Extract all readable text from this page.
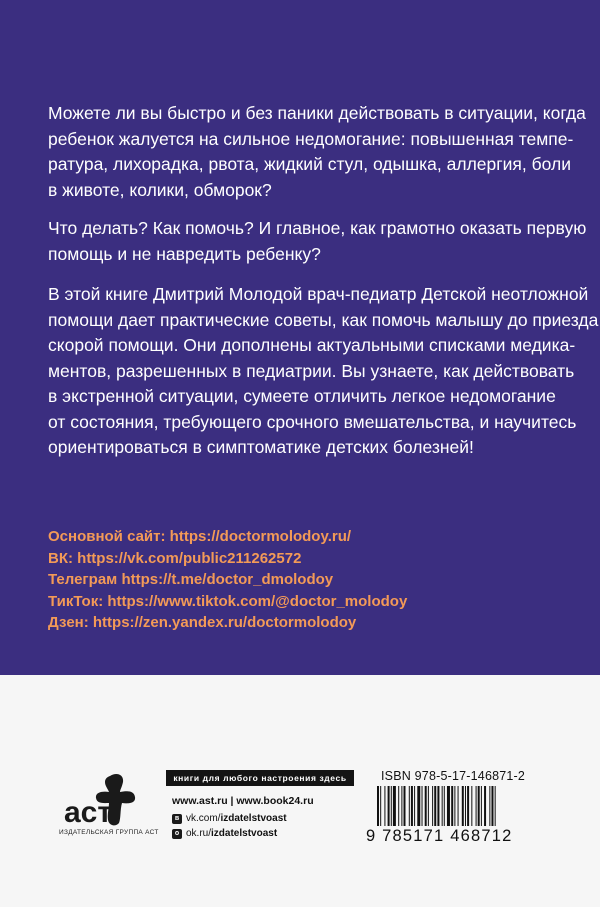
Можете ли вы быстро и без паники действовать в ситуации, когда
ребенок жалуется на сильное недомогание: повышенная темпе-
ратура, лихорадка, рвота, жидкий стул, одышка, аллергия, боли
в животе, колики, обморок?

Что делать? Как помочь? И главное, как грамотно оказать первую
помощь и не навредить ребенку?

В этой книге Дмитрий Молодой врач-педиатр Детской неотложной
помощи дает практические советы, как помочь малышу до приезда
скорой помощи. Они дополнены актуальными списками медика-
ментов, разрешенных в педиатрии. Вы узнаете, как действовать
в экстренной ситуации, сумеете отличить легкое недомогание
от состояния, требующего срочного вмешательства, и научитесь
ориентироваться в симптоматике детских болезней!

Основной сайт: https://doctormolodoy.ru/
ВК: https://vk.com/public211262572
Телеграм https://t.me/doctor_dmolodoy
ТикТок: https://www.tiktok.com/@doctor_molodoy
Дзен: https://zen.yandex.ru/doctormolodoy
аст
ИЗДАТЕЛЬСКАЯ ГРУППА АСТ
книги для любого настроения здесь
www.ast.ru | www.book24.ru
в vk.com/ izdatelstvoast
о ok.ru/ izdatelstvoast
ISBN 978-5-17-146871-2
9 785171 468712
